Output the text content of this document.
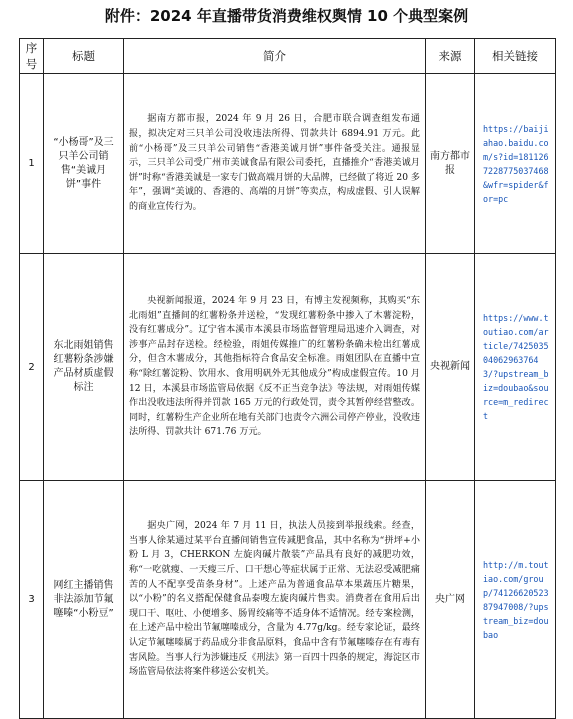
附件：2024 年直播带货消费维权舆情 10 个典型案例
序号	标题	简介	来源	相关链接
1	“小杨哥”及三只羊公司销售“美诚月饼”事件	据南方都市报，2024 年 9 月 26 日，合肥市联合调查组发布通报，拟决定对三只羊公司没收违法所得、罚款共计 6894.91 万元。此前“小杨哥”及三只羊公司销售“香港美诚月饼”事件备受关注。通报显示，三只羊公司受广州市美诚食品有限公司委托，直播推介“香港美诚月饼”时称“香港美诚是一家专门做高端月饼的大品牌，已经做了将近 20 多年”，强调“美诚的、香港的、高端的月饼”等卖点，构成虚假、引人误解的商业宣传行为。	南方都市报	https://baijiahao.baidu.com/s?id=1811267228775037468&wfr=spider&for=pc

2	东北雨姐销售红薯粉条涉嫌产品材质虚假标注	央视新闻报道，2024 年 9 月 23 日，有博主发视频称，其购买“东北雨姐”直播间的红薯粉条并送检，“发现红薯粉条中掺入了木薯淀粉，没有红薯成分”。辽宁省本溪市本溪县市场监督管理局迅速介入调查，对涉事产品封存送检。经检验，雨姐传媒推广的红薯粉条确未检出红薯成分，但含木薯成分，其他指标符合食品安全标准。雨姐团队在直播中宣称“除红薯淀粉、饮用水、食用明矾外无其他成分”构成虚假宣传。10 月 12 日，本溪县市场监管局依据《反不正当竞争法》等法规，对雨姐传媒作出没收违法所得并罚款 165 万元的行政处罚，责令其暂停经营整改。同时，红薯粉生产企业所在地有关部门也责令六洲公司停产停业，没收违法所得、罚款共计 671.76 万元。	央视新闻	https://www.toutiao.com/article/7425035040629637643/?upstream_biz=doubao&source=m_redirect

3	网红主播销售非法添加节氟噻嗪“小粉豆”	据央广网，2024 年 7 月 11 日，执法人员接到举报线索。经查，当事人徐某通过某平台直播间销售宣传减肥食品，其中名称为“拼坪+小粉 L 月 3，CHERKON 左旋肉碱片散装”产品具有良好的减肥功效，称“一吃就瘦、一天瘦三斤、口干想心等症状属于正常、无法忍受减肥痛苦的人不配享受苗条身材”。上述产品为普通食品草本果蔬压片糖果，以“小粉”的名义搭配保健食品泰嗖左旋肉碱片售卖。消费者在食用后出现口干、呕吐、小便增多、肠胃绞痛等不适身体不适情况。经专案检测，在上述产品中检出节氟噻嗪成分，含量为 4.77g/kg。经专家论证，最终认定节氟噻嗪属于药品成分非食品原料，食品中含有节氟噻嗪存在有毒有害风险。当事人行为涉嫌违反《刑法》第一百四十四条的规定，海淀区市场监管局依法将案件移送公安机关。	央广网	http://m.toutiao.com/group/7412662052387947008/?upstream_biz=doubao
